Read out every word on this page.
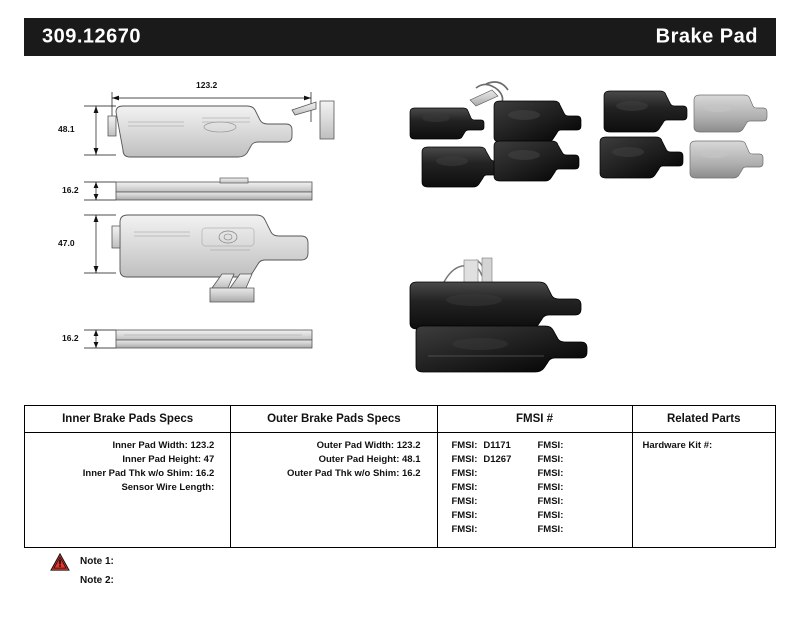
309.12670	Brake Pad
123.2
48.1
16.2
47.0
16.2
Inner Brake Pads Specs
Inner Pad Width: 123.2
Inner Pad Height: 47
Inner Pad Thk w/o Shim: 16.2
Sensor Wire Length:
Outer Brake Pads Specs
Outer Pad Width: 123.2
Outer Pad Height: 48.1
Outer Pad Thk w/o Shim: 16.2
FMSI #
FMSI: D1171
FMSI: D1267
FMSI:
FMSI:
FMSI:
FMSI:
FMSI:
FMSI:
FMSI:
FMSI:
FMSI:
FMSI:
FMSI:
FMSI:
Related Parts
Hardware Kit #:
Note 1:
Note 2:
